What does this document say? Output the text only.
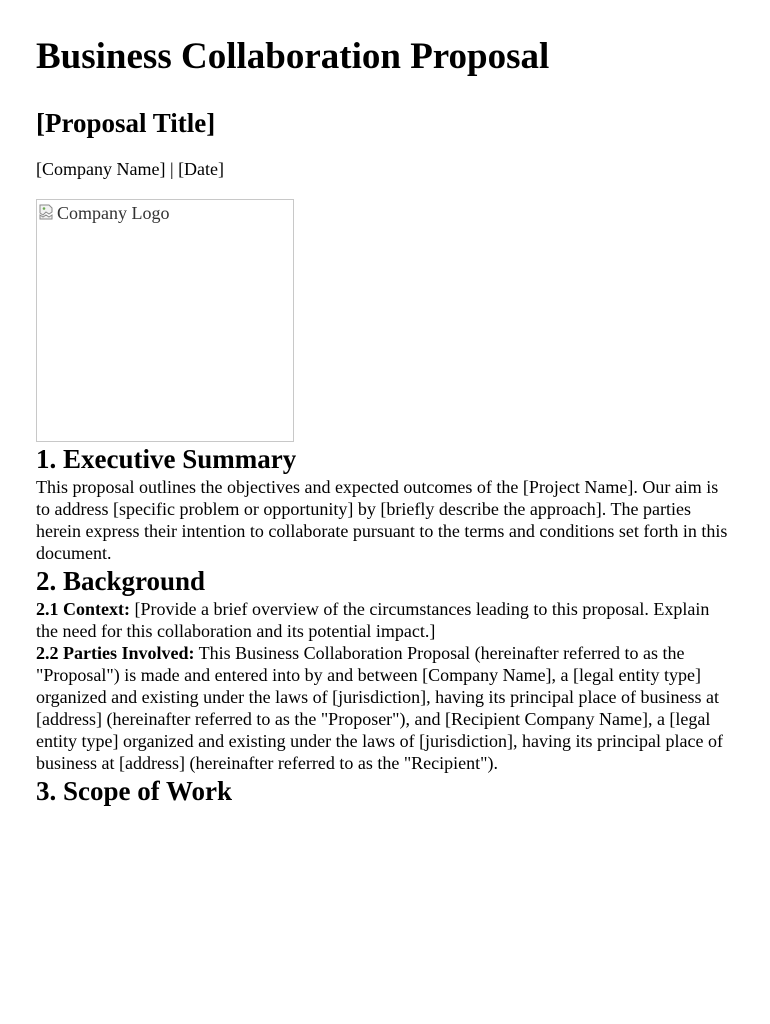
Business Collaboration Proposal
[Proposal Title]

[Company Name] | [Date]

Company Logo
1. Executive Summary

This proposal outlines the objectives and expected outcomes of the [Project Name]. Our aim is to address [specific problem or opportunity] by [briefly describe the approach]. The parties herein express their intention to collaborate pursuant to the terms and conditions set forth in this document.

2. Background

2.1 Context: [Provide a brief overview of the circumstances leading to this proposal. Explain the need for this collaboration and its potential impact.]

2.2 Parties Involved: This Business Collaboration Proposal (hereinafter referred to as the "Proposal") is made and entered into by and between [Company Name], a [legal entity type] organized and existing under the laws of [jurisdiction], having its principal place of business at [address] (hereinafter referred to as the "Proposer"), and [Recipient Company Name], a [legal entity type] organized and existing under the laws of [jurisdiction], having its principal place of business at [address] (hereinafter referred to as the "Recipient").

3. Scope of Work
